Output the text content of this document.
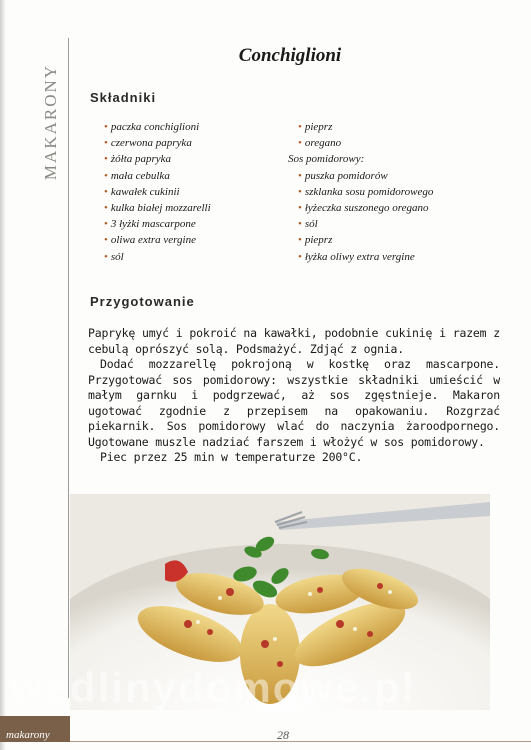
MAKARONY
Conchiglioni
Składniki
• paczka conchiglioni
• czerwona papryka
• żółta papryka
• mała cebulka
• kawałek cukinii
• kulka białej mozzarelli
• 3 łyżki mascarpone
• oliwa extra vergine
• sól
• pieprz
• oregano
Sos pomidorowy:
• puszka pomidorów
• szklanka sosu pomidorowego
• łyżeczka suszonego oregano
• sól
• pieprz
• łyżka oliwy extra vergine
Przygotowanie

Paprykę umyć i pokroić na kawałki, podobnie cukinię i razem z cebulą oprószyć solą. Podsmażyć. Zdjąć z ognia.

Dodać mozzarellę pokrojoną w kostkę oraz mascarpone. Przygotować sos pomidorowy: wszystkie składniki umieścić w małym garnku i podgrzewać, aż sos zgęstnieje. Makaron ugotować zgodnie z przepisem na opakowaniu. Rozgrzać piekarnik. Sos pomidorowy wlać do naczynia żaroodpornego. Ugotowane muszle nadziać farszem i włożyć w sos pomidorowy.

Piec przez 25 min w temperaturze 200°C.

wedlinydomowe.pl
makarony	28
